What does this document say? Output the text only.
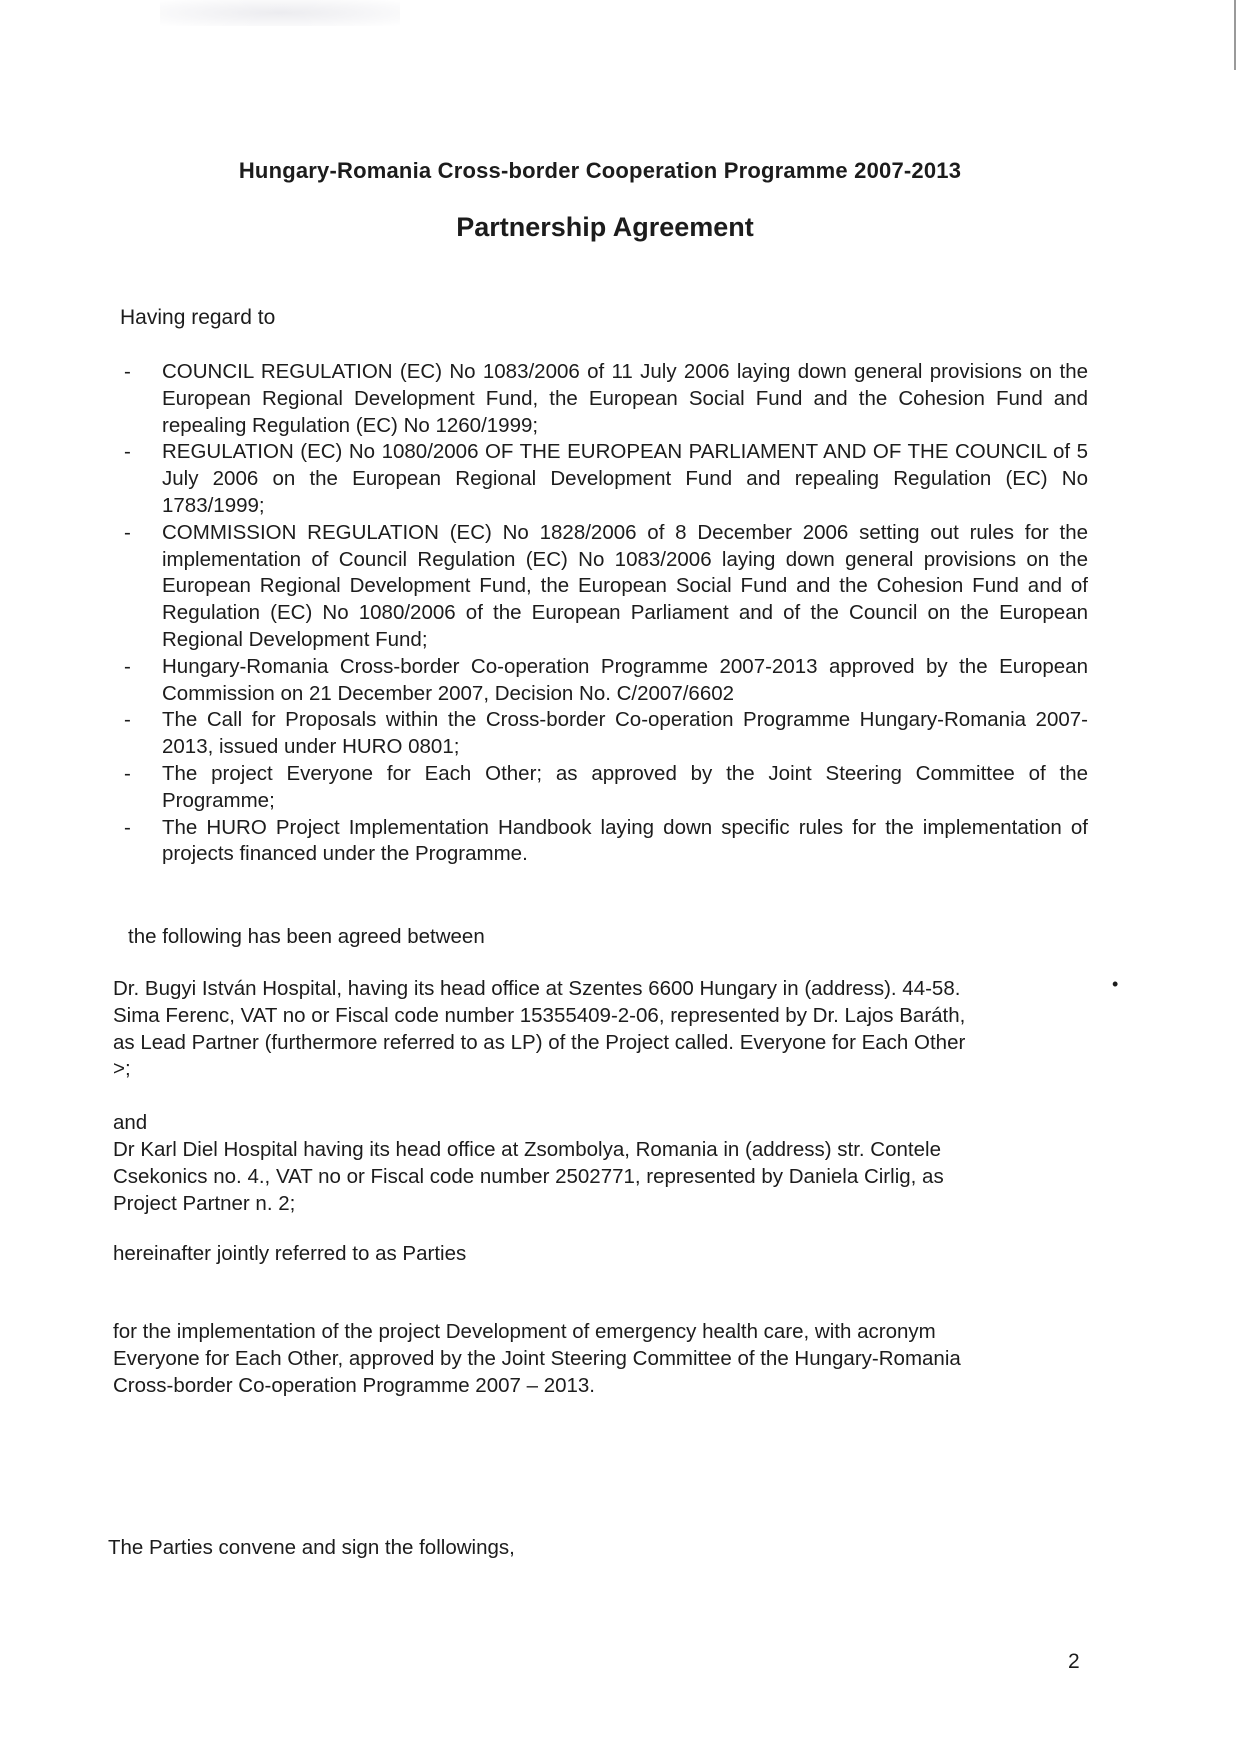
Hungary-Romania Cross-border Cooperation Programme 2007-2013
Partnership Agreement
Having regard to
- COUNCIL REGULATION (EC) No 1083/2006 of 11 July 2006 laying down general provisions on the European Regional Development Fund, the European Social Fund and the Cohesion Fund and repealing Regulation (EC) No 1260/1999;
- REGULATION (EC) No 1080/2006 OF THE EUROPEAN PARLIAMENT AND OF THE COUNCIL of 5 July 2006 on the European Regional Development Fund and repealing Regulation (EC) No 1783/1999;
- COMMISSION REGULATION (EC) No 1828/2006 of 8 December 2006 setting out rules for the implementation of Council Regulation (EC) No 1083/2006 laying down general provisions on the European Regional Development Fund, the European Social Fund and the Cohesion Fund and of Regulation (EC) No 1080/2006 of the European Parliament and of the Council on the European Regional Development Fund;
- Hungary-Romania Cross-border Co-operation Programme 2007-2013 approved by the European Commission on 21 December 2007, Decision No. C/2007/6602
- The Call for Proposals within the Cross-border Co-operation Programme Hungary-Romania 2007-2013, issued under HURO 0801;
- The project Everyone for Each Other; as approved by the Joint Steering Committee of the Programme;
- The HURO Project Implementation Handbook laying down specific rules for the implementation of projects financed under the Programme.
the following has been agreed between
Dr. Bugyi István Hospital, having its head office at Szentes 6600 Hungary in (address). 44-58.
Sima Ferenc, VAT no or Fiscal code number 15355409-2-06, represented by Dr. Lajos Baráth,
as Lead Partner (furthermore referred to as LP) of the Project called. Everyone for Each Other
>;
•
and
Dr Karl Diel Hospital having its head office at Zsombolya, Romania in (address) str. Contele
Csekonics no. 4., VAT no or Fiscal code number 2502771, represented by Daniela Cirlig, as
Project Partner n. 2;
hereinafter jointly referred to as Parties
for the implementation of the project Development of emergency health care, with acronym
Everyone for Each Other, approved by the Joint Steering Committee of the Hungary-Romania
Cross-border Co-operation Programme 2007 – 2013.
The Parties convene and sign the followings,
2
